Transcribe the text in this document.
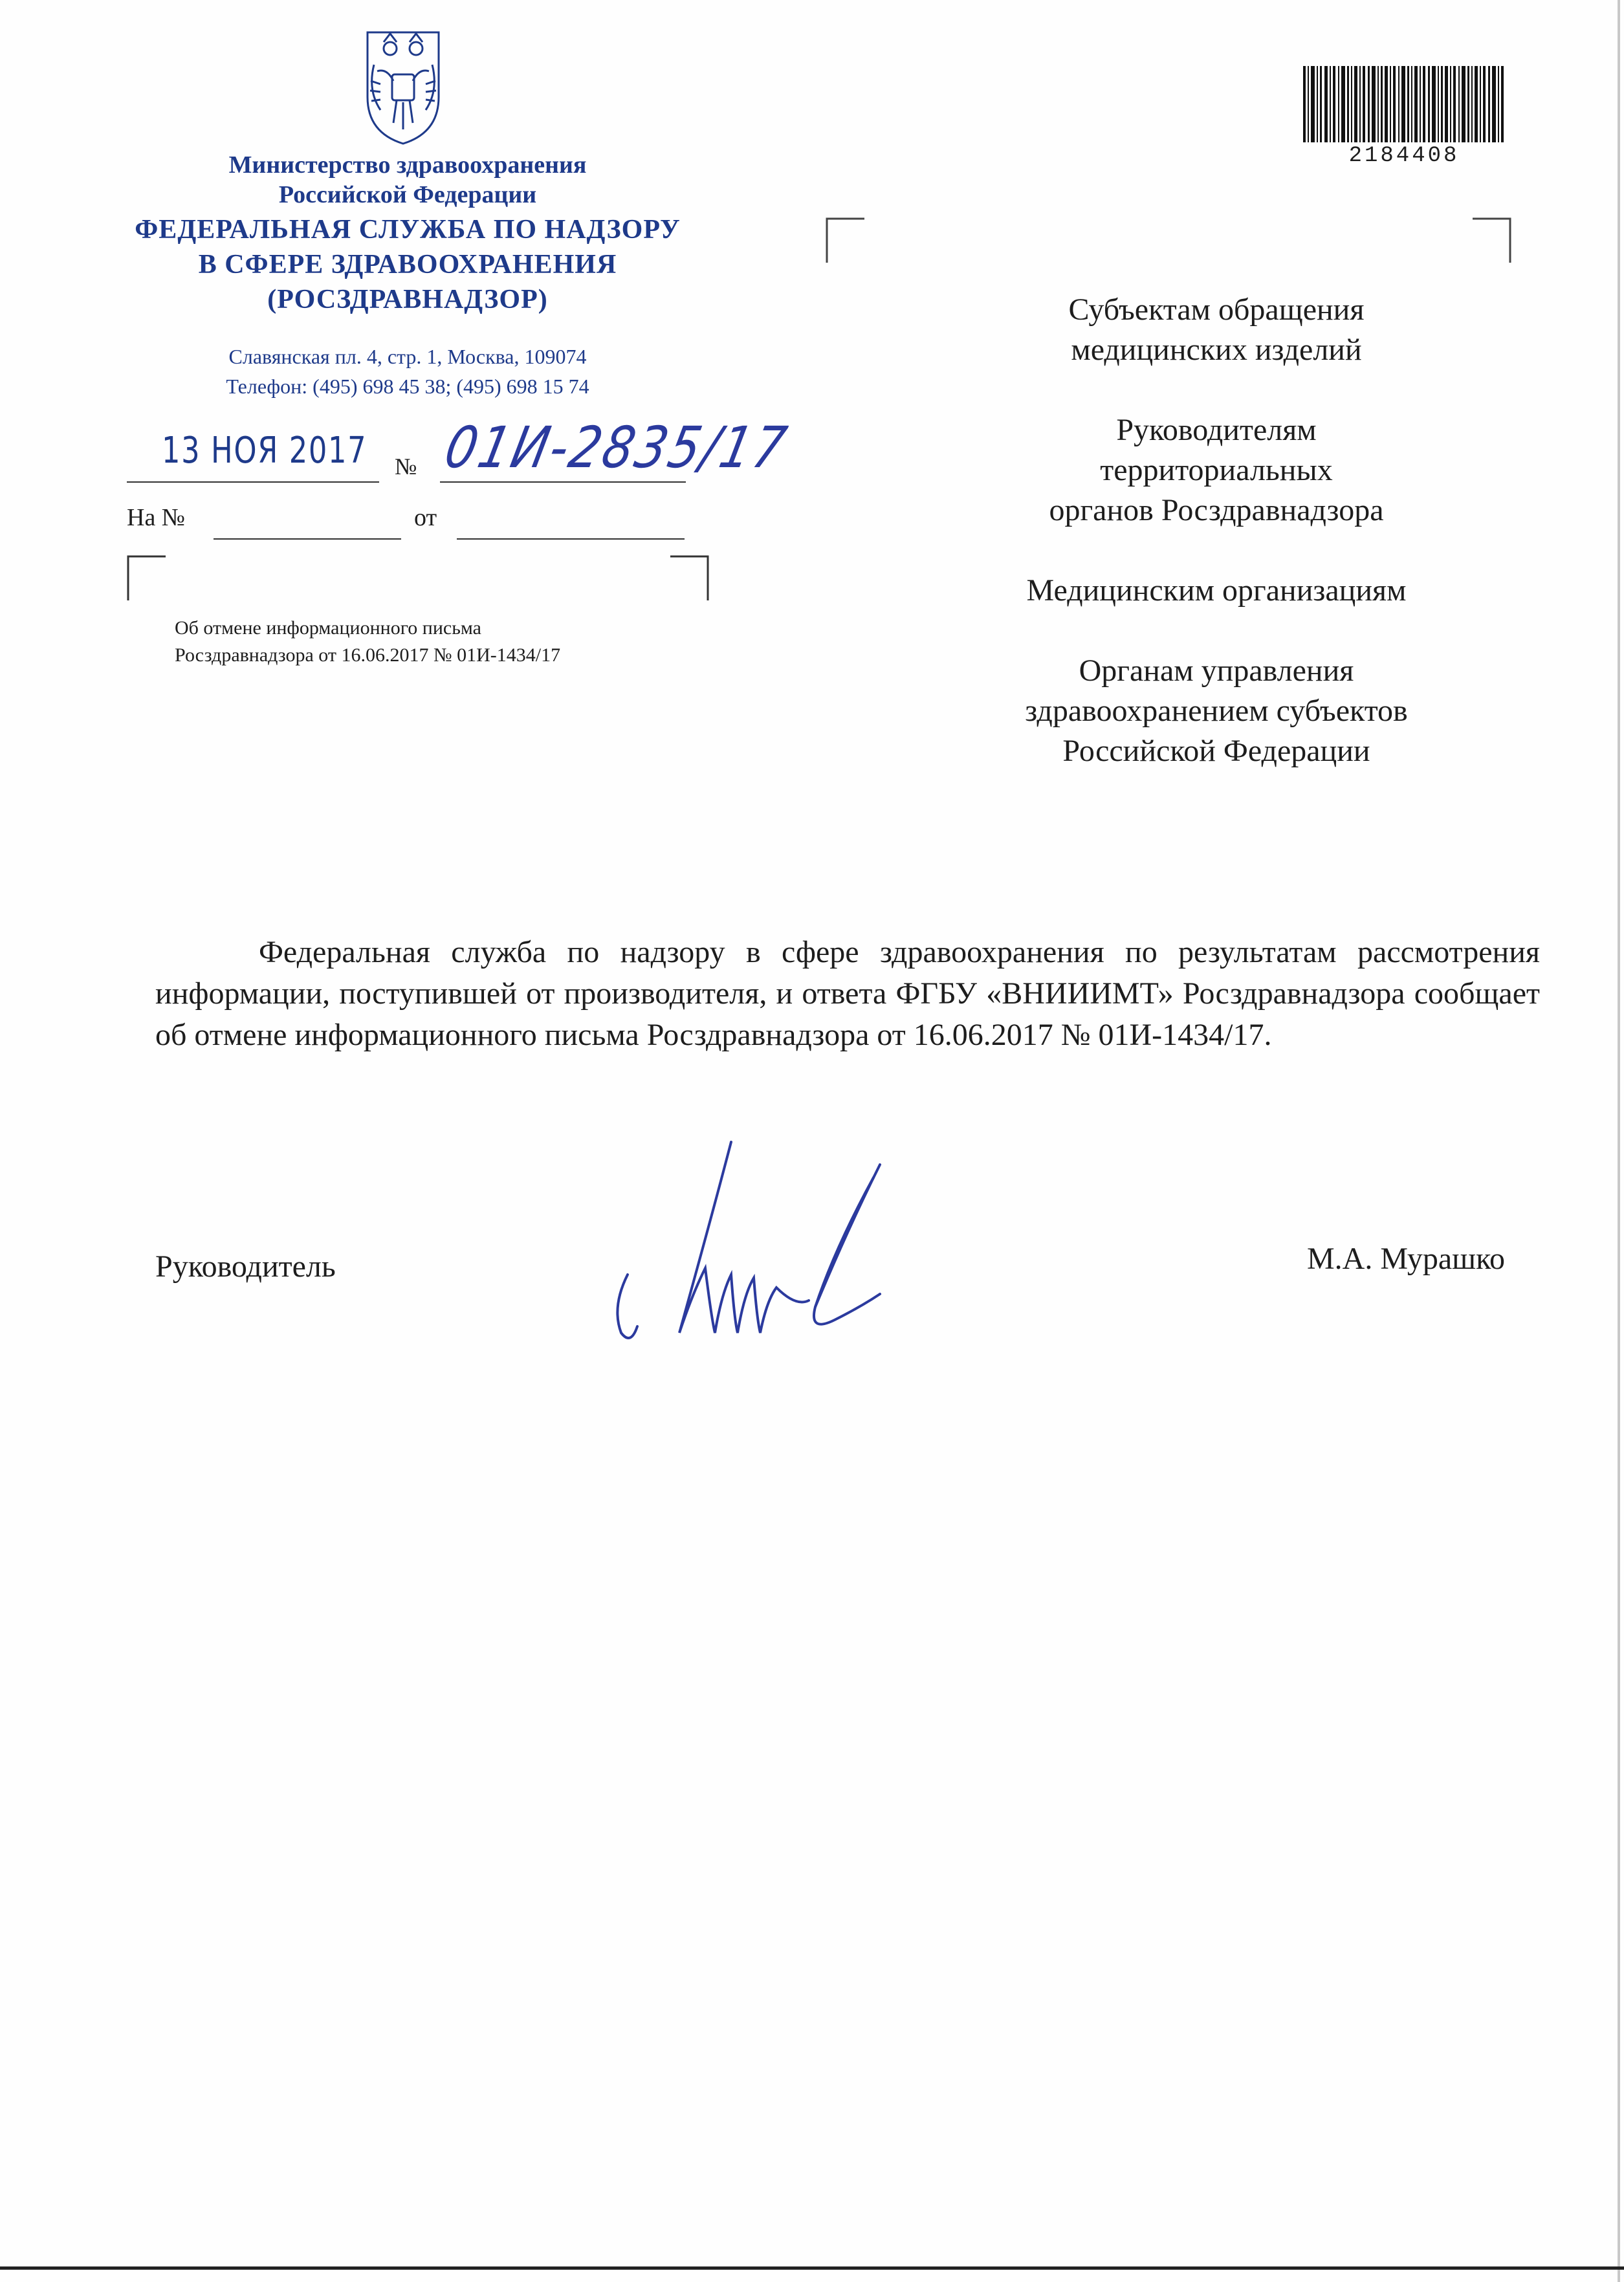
Министерство здравоохранения
Российской Федерации
ФЕДЕРАЛЬНАЯ СЛУЖБА ПО НАДЗОРУ
В СФЕРЕ ЗДРАВООХРАНЕНИЯ
(РОСЗДРАВНАДЗОР)
Славянская пл. 4, стр. 1, Москва, 109074
Телефон: (495) 698 45 38; (495) 698 15 74
13 НОЯ 2017 № 01И-2835/17
На №	от
Об отмене информационного письма
Росздравнадзора от 16.06.2017 № 01И-1434/17
2184408
Субъектам обращения
медицинских изделий
Руководителям
территориальных
органов Росздравнадзора
Медицинским организациям
Органам управления
здравоохранением субъектов
Российской Федерации
Федеральная служба по надзору в сфере здравоохранения по результатам рассмотрения информации, поступившей от производителя, и ответа ФГБУ «ВНИИИМТ» Росздравнадзора сообщает об отмене информационного письма Росздравнадзора от 16.06.2017 № 01И-1434/17.
Руководитель	М.А. Мурашко
